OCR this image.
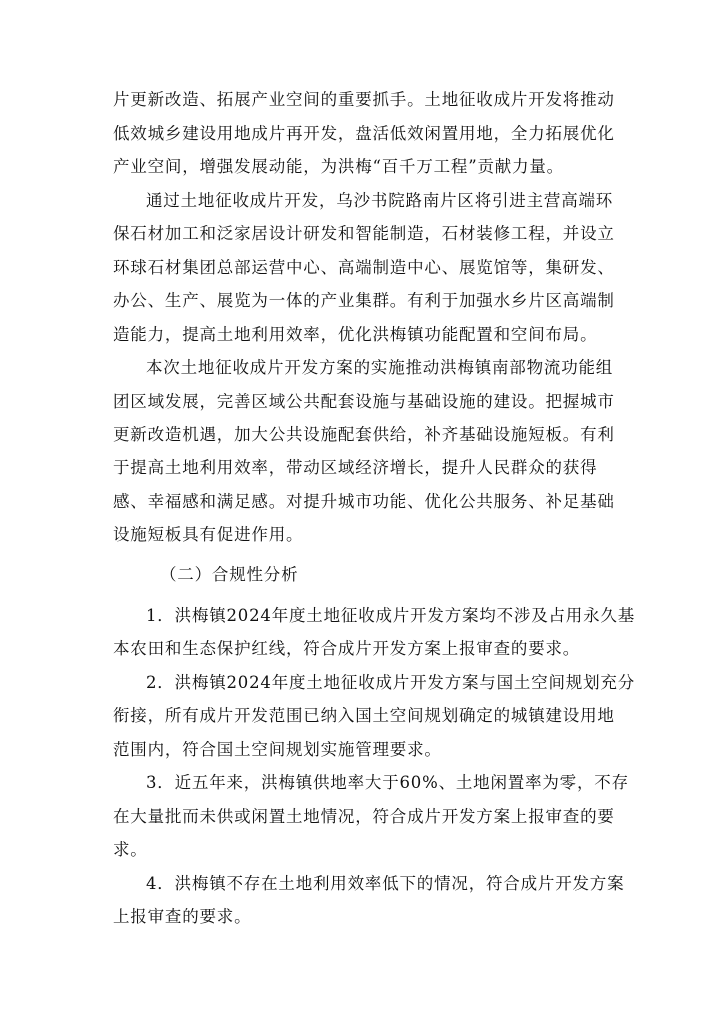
片更新改造、拓展产业空间的重要抓手。土地征收成片开发将推动
低效城乡建设用地成片再开发，盘活低效闲置用地，全力拓展优化
产业空间，增强发展动能，为洪梅“百千万工程”贡献力量。
通过土地征收成片开发，乌沙书院路南片区将引进主营高端环
保石材加工和泛家居设计研发和智能制造，石材装修工程，并设立
环球石材集团总部运营中心、高端制造中心、展览馆等，集研发、
办公、生产、展览为一体的产业集群。有利于加强水乡片区高端制
造能力，提高土地利用效率，优化洪梅镇功能配置和空间布局。
本次土地征收成片开发方案的实施推动洪梅镇南部物流功能组
团区域发展，完善区域公共配套设施与基础设施的建设。把握城市
更新改造机遇，加大公共设施配套供给，补齐基础设施短板。有利
于提高土地利用效率，带动区域经济增长，提升人民群众的获得
感、幸福感和满足感。对提升城市功能、优化公共服务、补足基础
设施短板具有促进作用。
（二）合规性分析
1．洪梅镇2024年度土地征收成片开发方案均不涉及占用永久基
本农田和生态保护红线，符合成片开发方案上报审查的要求。
2．洪梅镇2024年度土地征收成片开发方案与国土空间规划充分
衔接，所有成片开发范围已纳入国土空间规划确定的城镇建设用地
范围内，符合国土空间规划实施管理要求。
3．近五年来，洪梅镇供地率大于60%、土地闲置率为零，不存
在大量批而未供或闲置土地情况，符合成片开发方案上报审查的要
求。
4．洪梅镇不存在土地利用效率低下的情况，符合成片开发方案
上报审查的要求。
